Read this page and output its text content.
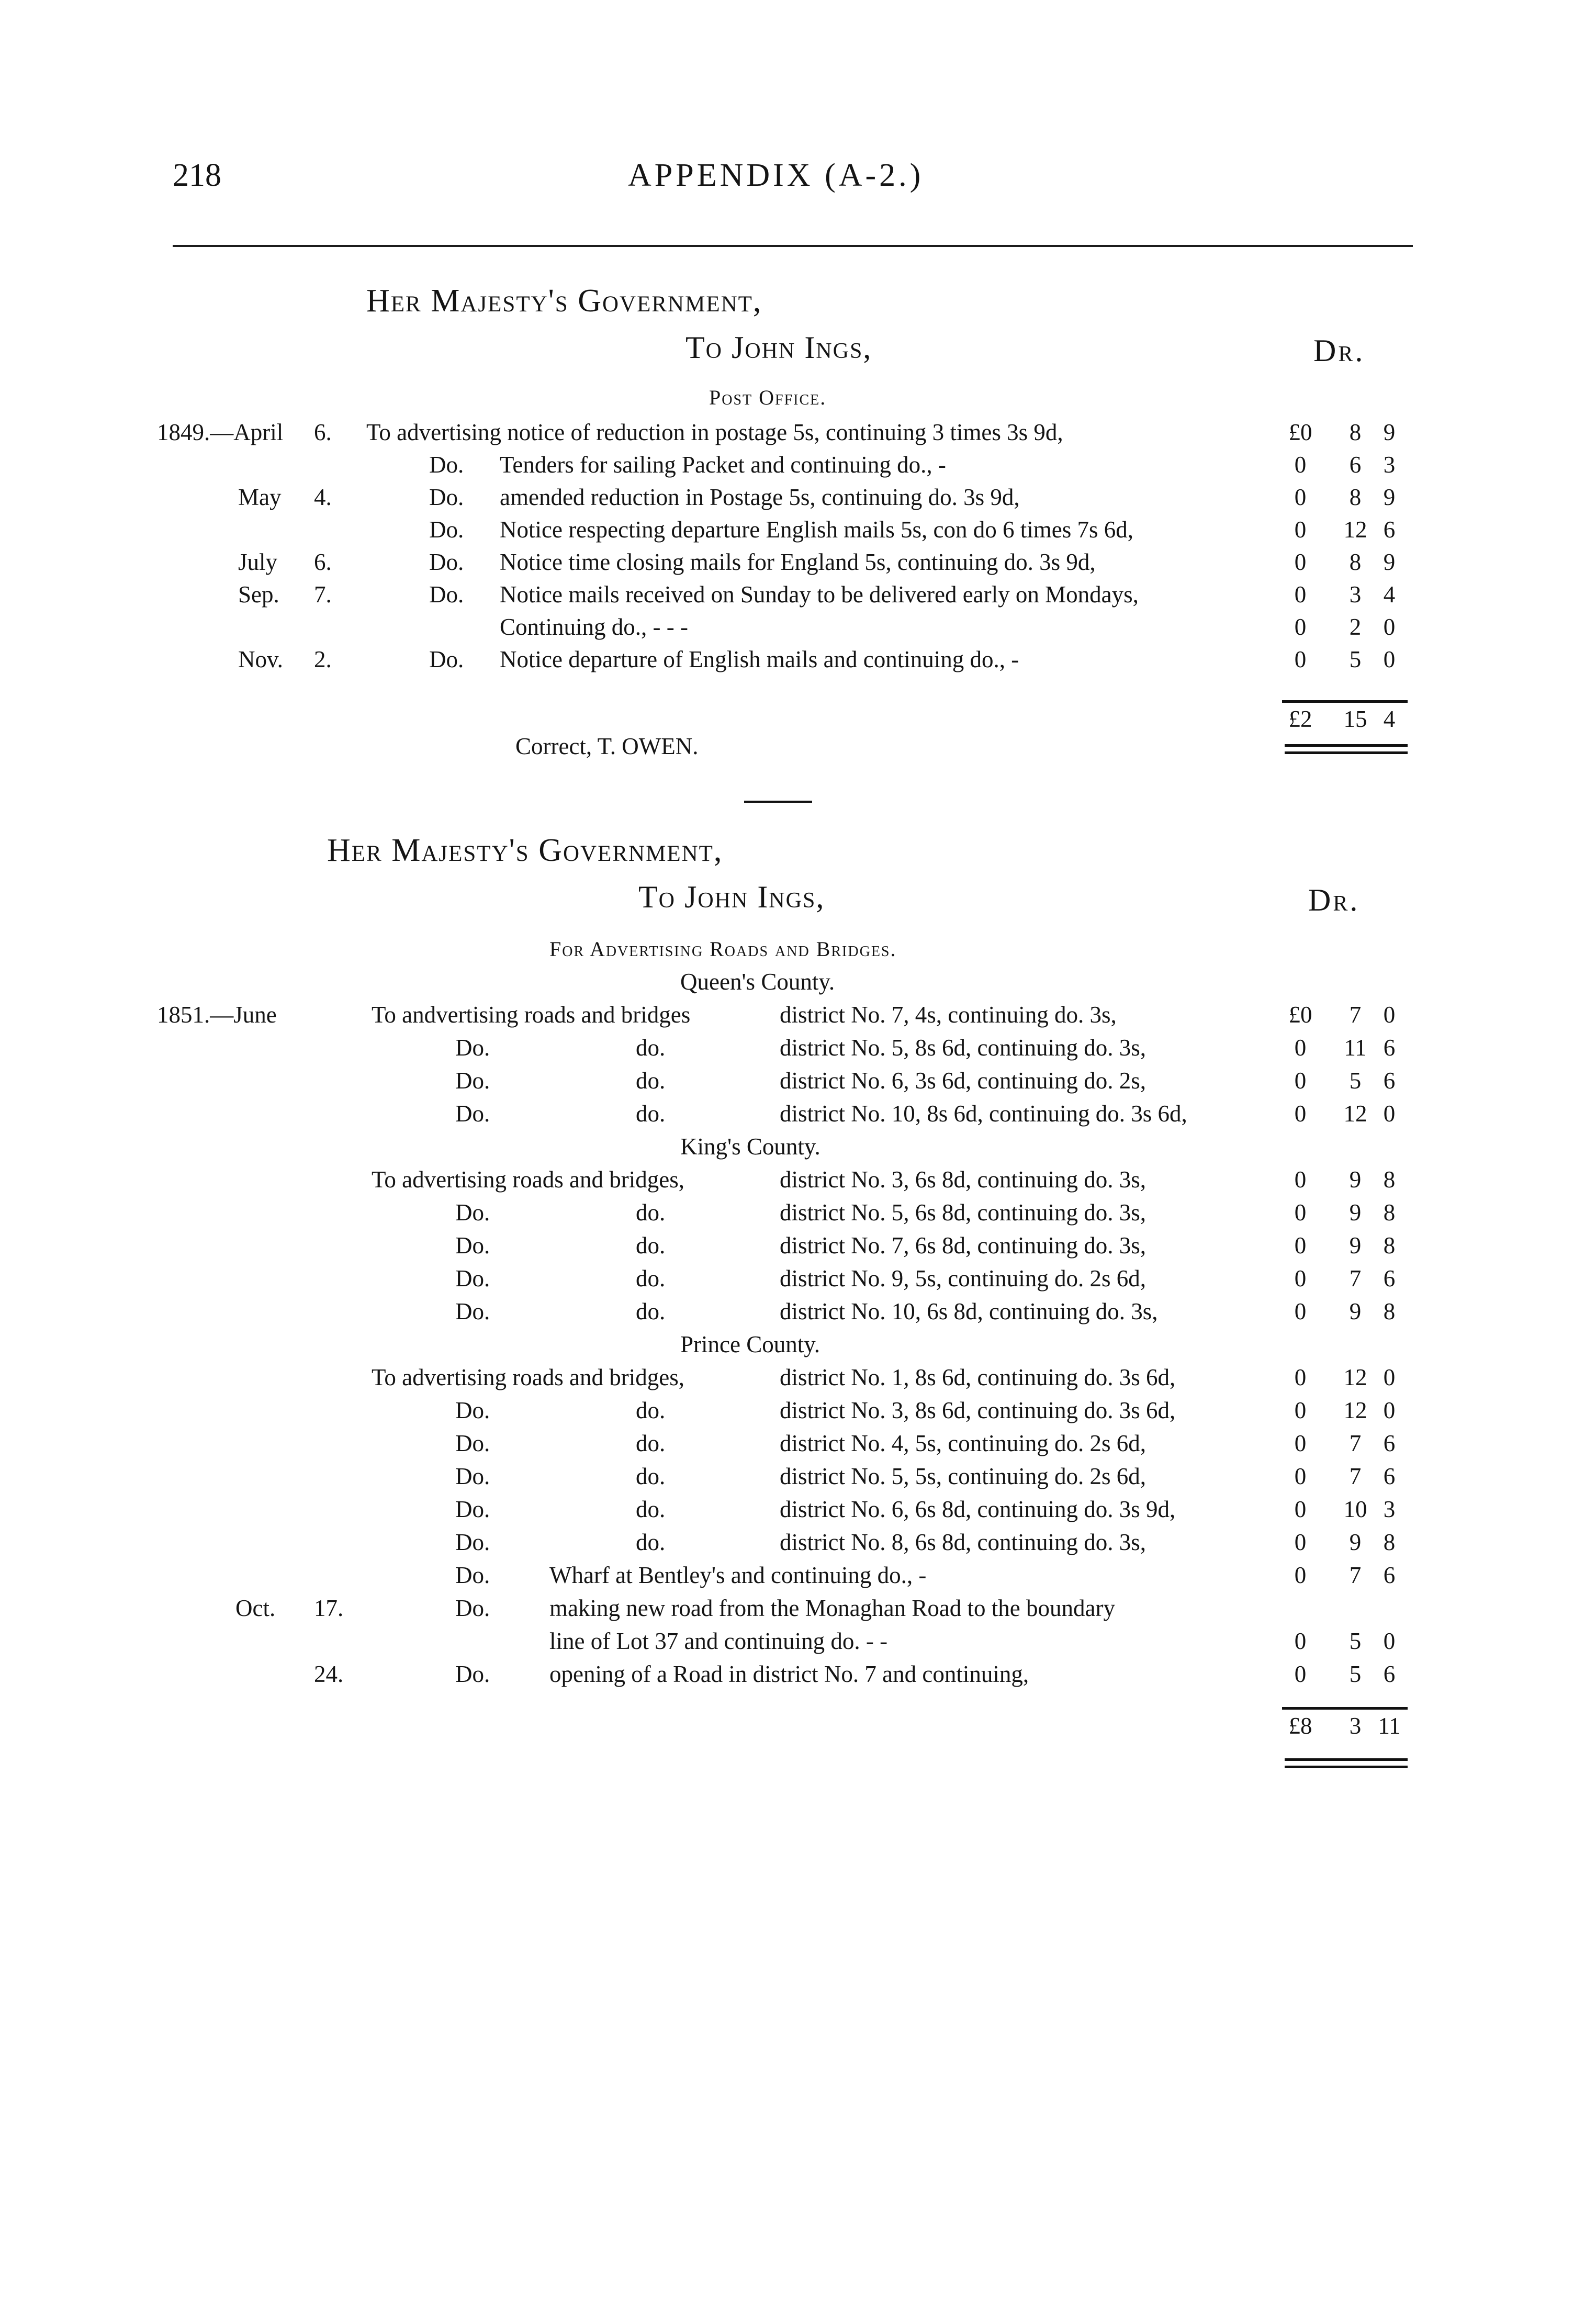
218	APPENDIX (A-2.)
Her Majesty's Government,
To John Ings,	Dr.
Post Office.
1849.—April 6. To advertising notice of reduction in postage 5s, continuing 3 times 3s 9d,	£0	8 9
Do. Tenders for sailing Packet and continuing do., -	0	6 3
May 4.	Do. amended reduction in Postage 5s, continuing do. 3s 9d,	0	8 9
Do. Notice respecting departure English mails 5s, con do 6 times 7s 6d,	0	12 6
July 6.	Do. Notice time closing mails for England 5s, continuing do. 3s 9d,	0	8 9
Sep. 7.	Do. Notice mails received on Sunday to be delivered early on Mondays,	0	3 4
Continuing do., - - -	0	2 0
Nov. 2.	Do. Notice departure of English mails and continuing do., -	0	5 0
£2	15 4
Correct, T. OWEN.
Her Majesty's Government,
To John Ings,	Dr.
For Advertising Roads and Bridges.
Queen's County.
1851.—June	To andvertising roads and bridges	district No. 7, 4s, continuing do. 3s,	£0	7 0
Do.	do.	district No. 5, 8s 6d, continuing do. 3s,	0	11 6
Do.	do.	district No. 6, 3s 6d, continuing do. 2s,	0	5 6
Do.	do.	district No. 10, 8s 6d, continuing do. 3s 6d,	0	12 0
King's County.
To advertising roads and bridges,	district No. 3, 6s 8d, continuing do. 3s,	0	9 8
Do.	do.	district No. 5, 6s 8d, continuing do. 3s,	0	9 8
Do.	do.	district No. 7, 6s 8d, continuing do. 3s,	0	9 8
Do.	do.	district No. 9, 5s, continuing do. 2s 6d,	0	7 6
Do.	do.	district No. 10, 6s 8d, continuing do. 3s,	0	9 8
Prince County.
To advertising roads and bridges,	district No. 1, 8s 6d, continuing do. 3s 6d,	0	12 0
Do.	do.	district No. 3, 8s 6d, continuing do. 3s 6d,	0	12 0
Do.	do.	district No. 4, 5s, continuing do. 2s 6d,	0	7 6
Do.	do.	district No. 5, 5s, continuing do. 2s 6d,	0	7 6
Do.	do.	district No. 6, 6s 8d, continuing do. 3s 9d,	0	10 3
Do.	do.	district No. 8, 6s 8d, continuing do. 3s,	0	9 8
Do.	Wharf at Bentley's and continuing do., -	0	7 6
Oct. 17.	Do.	making new road from the Monaghan Road to the boundary
line of Lot 37 and continuing do. - -	0	5 0
24.	Do.	opening of a Road in district No. 7 and continuing,	0	5 6
£8	3 11
